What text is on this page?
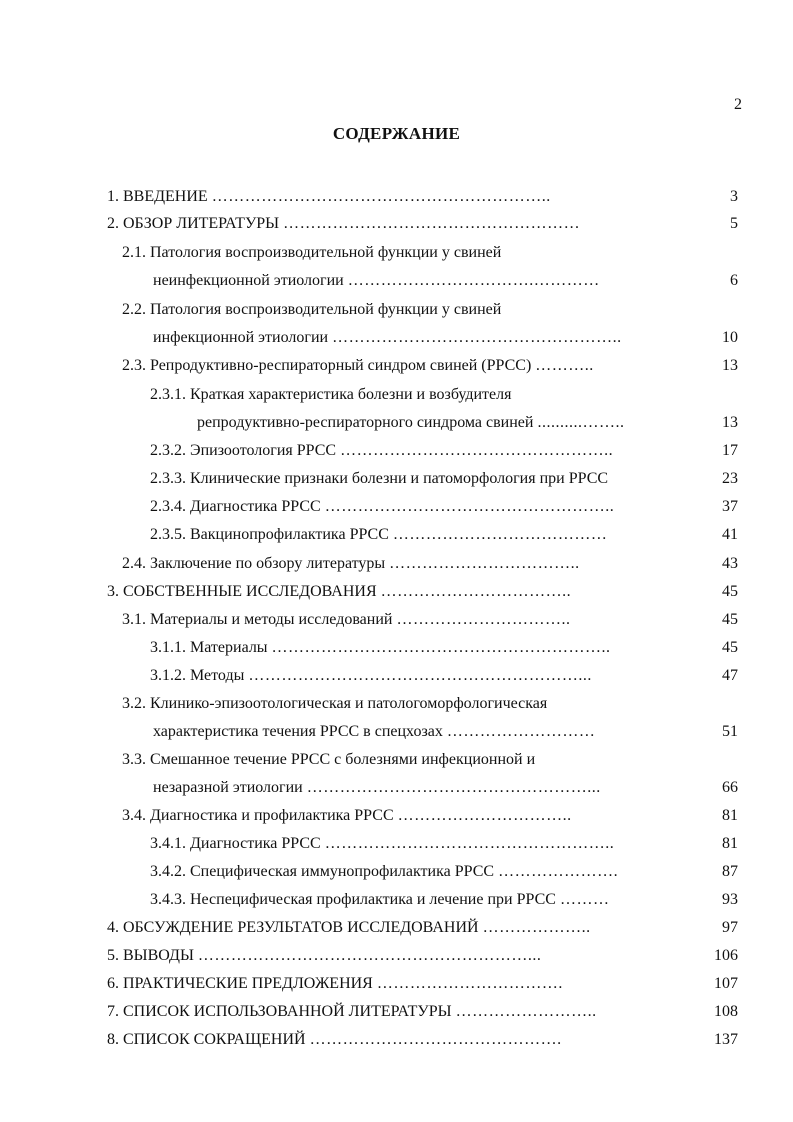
2
СОДЕРЖАНИЕ
1. ВВЕДЕНИЕ ……………………………………………………..	3
2. ОБЗОР ЛИТЕРАТУРЫ ………………………………………………	5
2.1. Патология воспроизводительной функции у свиней
неинфекционной этиологии …………………………….…………	6
2.2. Патология воспроизводительной функции у свиней
инфекционной этиологии ……………………………………………..	10
2.3. Репродуктивно-респираторный синдром свиней (РРСС) ………..	13
2.3.1. Краткая характеристика болезни и возбудителя
репродуктивно-респираторного синдрома свиней ..........……..	13
2.3.2. Эпизоотология РРСС …………………………………………..	17
2.3.3. Клинические признаки болезни и патоморфология при РРСС	23
2.3.4. Диагностика РРСС ……………………………………………..	37
2.3.5. Вакцинопрофилактика РРСС …………………………………	41
2.4. Заключение по обзору литературы ……………………………..	43
3. СОБСТВЕННЫЕ ИССЛЕДОВАНИЯ ……………………………..	45
3.1. Материалы и методы исследований …………………………..	45
3.1.1. Материалы ……………………………………………………..	45
3.1.2. Методы ……………………………………………………...	47
3.2. Клинико-эпизоотологическая и патологоморфологическая
характеристика течения РРСС в спецхозах ………………………	51
3.3. Смешанное течение РРСС с болезнями инфекционной и
незаразной этиологии ……………………………………………...	66
3.4. Диагностика и профилактика РРСС …………………………..	81
3.4.1. Диагностика РРСС ……………………………………………..	81
3.4.2. Специфическая иммунопрофилактика РРСС ………………….	87
3.4.3. Неспецифическая профилактика и лечение при РРСС ………	93
4. ОБСУЖДЕНИЕ РЕЗУЛЬТАТОВ ИССЛЕДОВАНИЙ ………………..	97
5. ВЫВОДЫ ……………………………………………………...	106
6. ПРАКТИЧЕСКИЕ ПРЕДЛОЖЕНИЯ …………………………….	107
7. СПИСОК ИСПОЛЬЗОВАННОЙ ЛИТЕРАТУРЫ ……………………..	108
8. СПИСОК СОКРАЩЕНИЙ ……………………………………….	137
